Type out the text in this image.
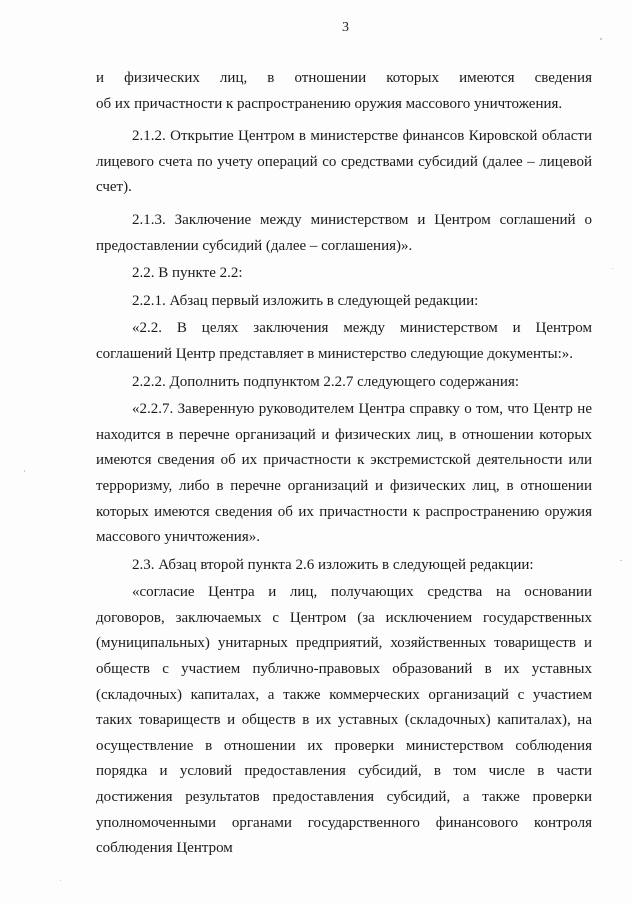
3

и физических лиц, в отношении которых имеются сведения
об их причастности к распространению оружия массового уничтожения.

2.1.2. Открытие Центром в министерстве финансов Кировской области лицевого счета по учету операций со средствами субсидий (далее – лицевой счет).

2.1.3. Заключение между министерством и Центром соглашений о предоставлении субсидий (далее – соглашения)».

2.2. В пункте 2.2:

2.2.1. Абзац первый изложить в следующей редакции:

«2.2. В целях заключения между министерством и Центром соглашений Центр представляет в министерство следующие документы:».

2.2.2. Дополнить подпунктом 2.2.7 следующего содержания:

«2.2.7. Заверенную руководителем Центра справку о том, что Центр не находится в перечне организаций и физических лиц, в отношении которых имеются сведения об их причастности к экстремистской деятельности или терроризму, либо в перечне организаций и физических лиц, в отношении которых имеются сведения об их причастности к распространению оружия массового уничтожения».

2.3. Абзац второй пункта 2.6 изложить в следующей редакции:

«согласие Центра и лиц, получающих средства на основании договоров, заключаемых с Центром (за исключением государственных (муниципальных) унитарных предприятий, хозяйственных товариществ и обществ с участием публично-правовых образований в их уставных (складочных) капиталах, а также коммерческих организаций с участием таких товариществ и обществ в их уставных (складочных) капиталах), на осуществление в отношении их проверки министерством соблюдения порядка и условий предоставления субсидий, в том числе в части достижения результатов предоставления субсидий, а также проверки уполномоченными органами государственного финансового контроля соблюдения Центром
